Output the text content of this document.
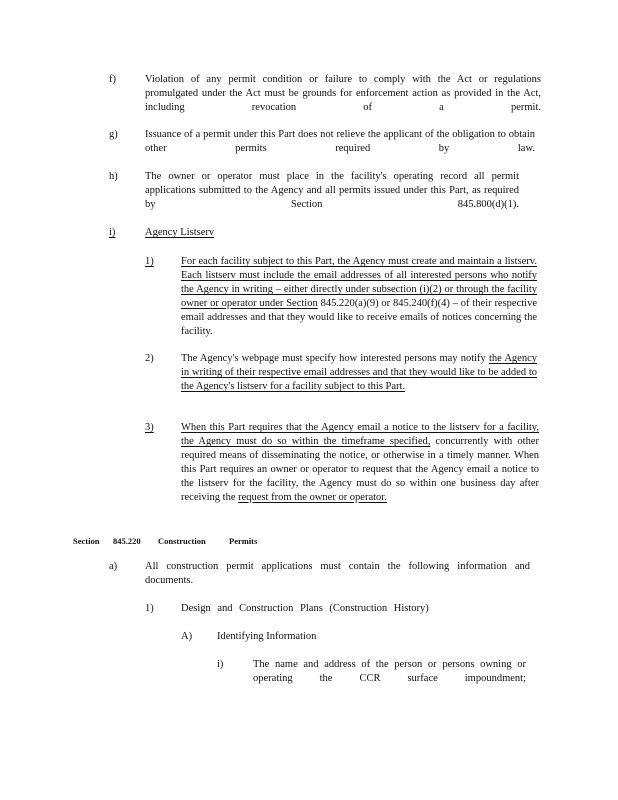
f)	Violation of any permit condition or failure to comply with the Act or regulations promulgated under the Act must be grounds for enforcement action as provided in the Act, including revocation of a permit.
g)	Issuance of a permit under this Part does not relieve the applicant of the obligation to obtain other permits required by law.
h)	The owner or operator must place in the facility's operating record all permit applications submitted to the Agency and all permits issued under this Part, as required by Section 845.800(d)(1).
i)	Agency Listserv
1)	For each facility subject to this Part, the Agency must create and maintain a listserv. Each listserv must include the email addresses of all interested persons who notify the Agency in writing – either directly under subsection (i)(2) or through the facility owner or operator under Section 845.220(a)(9) or 845.240(f)(4) – of their respective email addresses and that they would like to receive emails of notices concerning the facility.
2)	The Agency's webpage must specify how interested persons may notify the Agency in writing of their respective email addresses and that they would like to be added to the Agency's listserv for a facility subject to this Part.
3)	When this Part requires that the Agency email a notice to the listserv for a facility, the Agency must do so within the timeframe specified, concurrently with other required means of disseminating the notice, or otherwise in a timely manner. When this Part requires an owner or operator to request that the Agency email a notice to the listserv for the facility, the Agency must do so within one business day after receiving the request from the owner or operator.
Section 845.220 Construction	Permits
a)	All construction permit applications must contain the following information and documents.
1)	Design and Construction Plans (Construction History)
A) Identifying Information
i)	The name and address of the person or persons owning or operating the CCR surface impoundment;
